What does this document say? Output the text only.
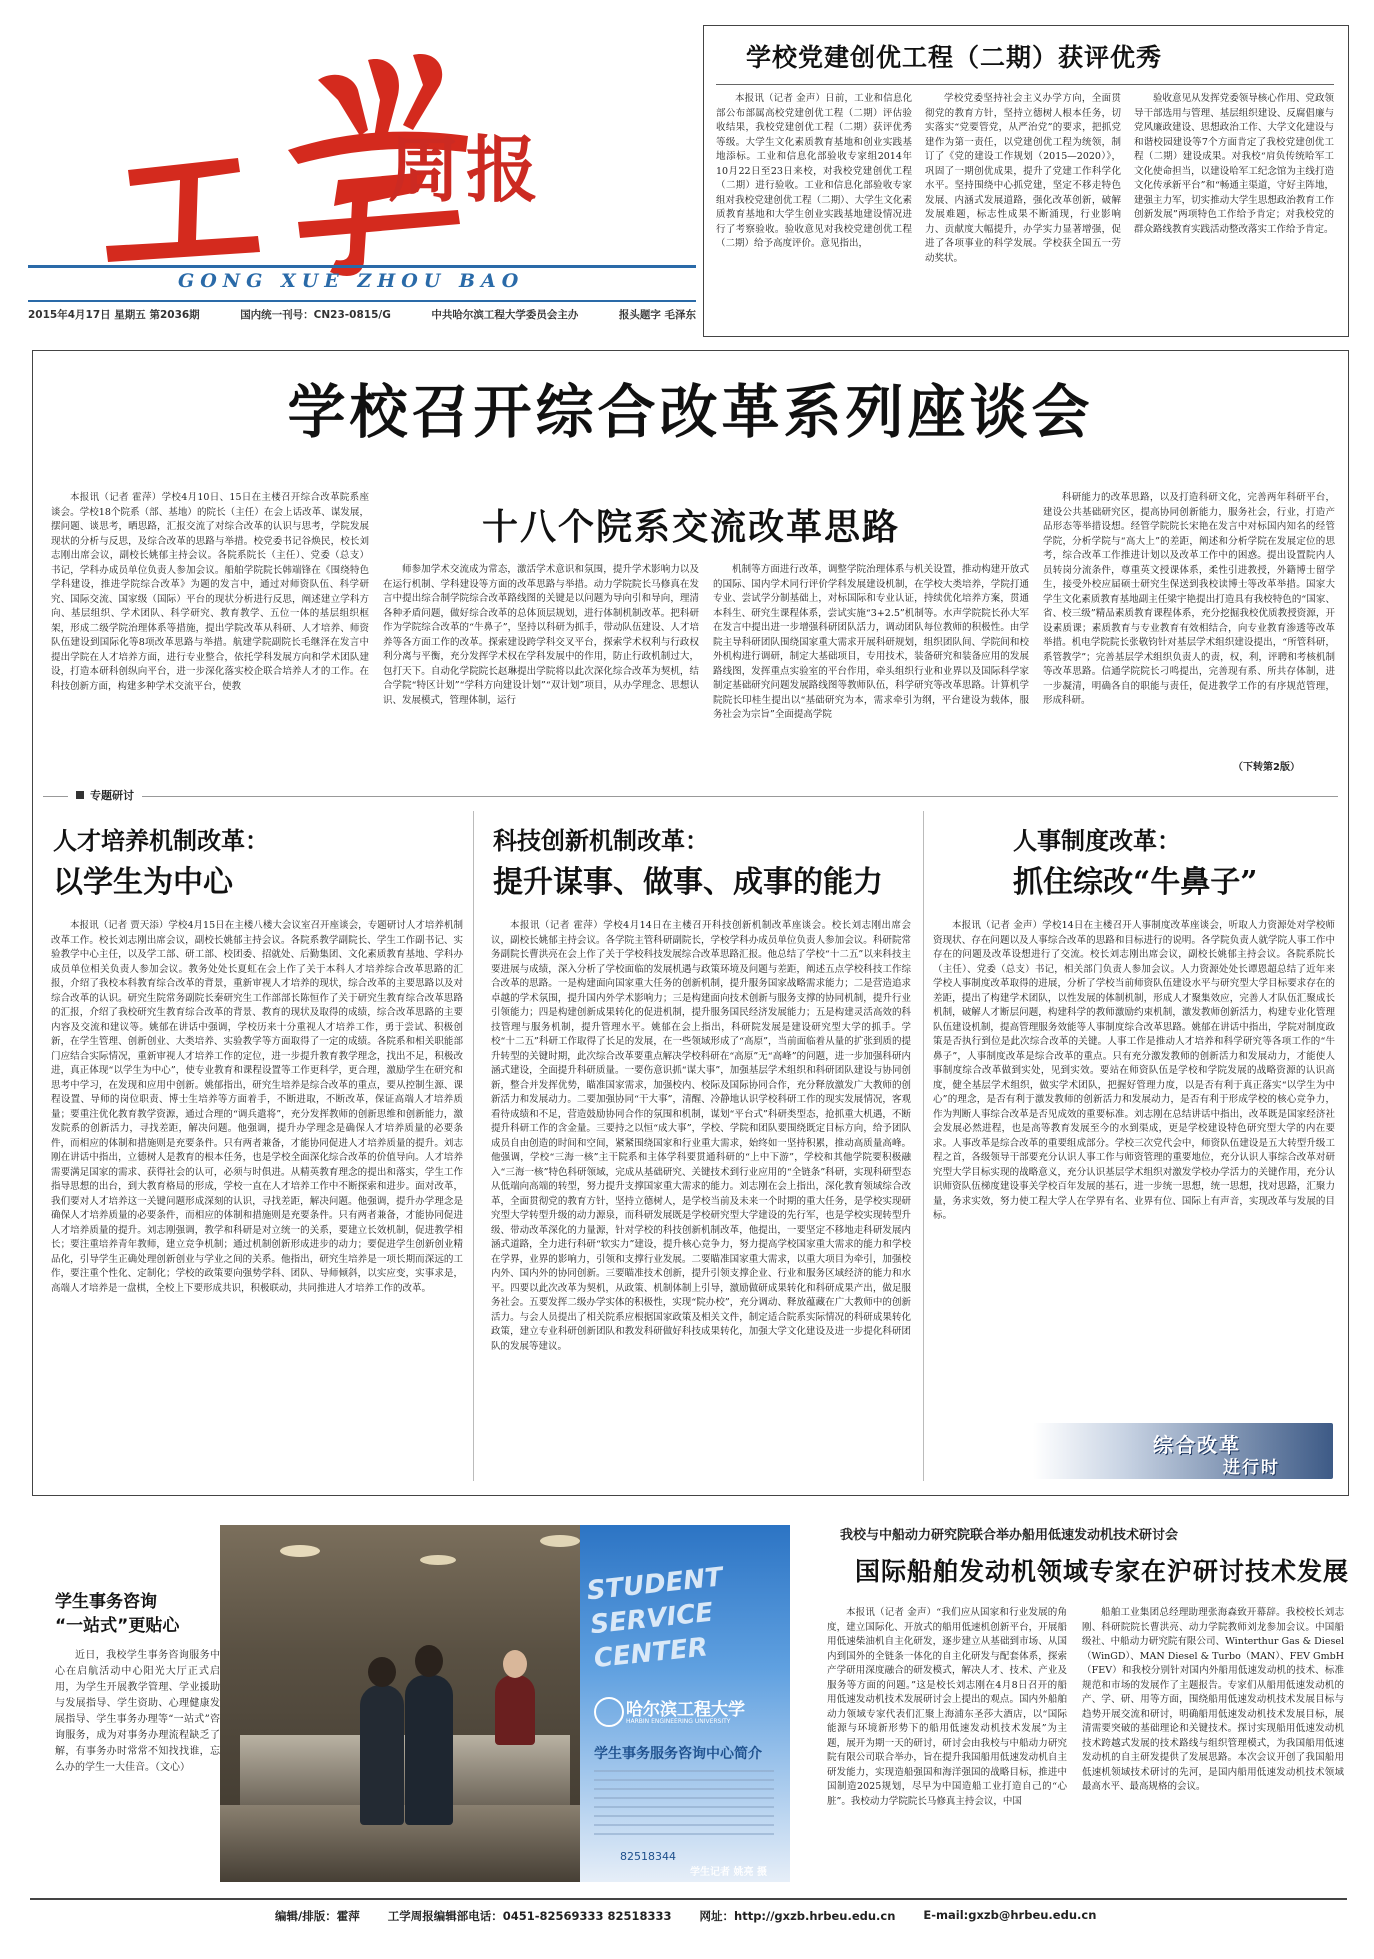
周报
GONG XUE ZHOU BAO
2015年4月17日 星期五 第2036期	国内统一刊号：CN23-0815/G	中共哈尔滨工程大学委员会主办	报头题字 毛泽东
学校党建创优工程（二期）获评优秀
本报讯（记者 金声）日前，工业和信息化部公布部属高校党建创优工程（二期）评估验收结果，我校党建创优工程（二期）获评优秀等级。大学生文化素质教育基地和创业实践基地添标。工业和信息化部验收专家组2014年10月22日至23日来校，对我校党建创优工程（二期）进行验收。工业和信息化部验收专家组对我校党建创优工程（二期）、大学生文化素质教育基地和大学生创业实践基地建设情况进行了考察验收。验收意见对我校党建创优工程（二期）给予高度评价。意见指出，
学校党委坚持社会主义办学方向，全面贯彻党的教育方针，坚持立德树人根本任务，切实落实“党要管党，从严治党”的要求，把抓党建作为第一责任，以党建创优工程为统领，制订了《党的建设工作规划（2015—2020）》，巩固了一期创优成果，提升了党建工作科学化水平。坚持围绕中心抓党建，坚定不移走特色发展、内涵式发展道路，强化改革创新，破解发展难题，标志性成果不断涌现，行业影响力、贡献度大幅提升，办学实力显著增强，促进了各项事业的科学发展。学校获全国五一劳动奖状。
验收意见从发挥党委领导核心作用、党政领导干部选用与管理、基层组织建设、反腐倡廉与党风廉政建设、思想政治工作、大学文化建设与和谐校园建设等7个方面肯定了我校党建创优工程（二期）建设成果。对我校“肩负传统哈军工文化使命担当，以建设哈军工纪念馆为主线打造文化传承新平台”和“畅通主渠道，守好主阵地，建强主力军，切实推动大学生思想政治教育工作创新发展”两项特色工作给予肯定；对我校党的群众路线教育实践活动整改落实工作给予肯定。
学校召开综合改革系列座谈会
十八个院系交流改革思路
本报讯（记者 霍萍）学校4月10日、15日在主楼召开综合改革院系座谈会。学校18个院系（部、基地）的院长（主任）在会上话改革、谋发展，摆问题、谈思考，晒思路，汇报交流了对综合改革的认识与思考，学院发展现状的分析与反思，及综合改革的思路与举措。校党委书记谷焕民，校长刘志刚出席会议，副校长姚郁主持会议。各院系院长（主任）、党委（总支）书记，学科办成员单位负责人参加会议。船舶学院院长韩端锋在《围绕特色学科建设，推进学院综合改革》为题的发言中，通过对师资队伍、科学研究、国际交流、国家级（国际）平台的现状分析进行反思，阐述建立学科方向、基层组织、学术团队、科学研究、教育教学、五位一体的基层组织框架，形成二级学院治理体系等措施，提出学院改革从科研、人才培养、师资队伍建设到国际化等8项改革思路与举措。航建学院副院长毛继泽在发言中提出学院在人才培养方面，进行专业整合，依托学科发展方向和学术团队建设，打造本研科创纵向平台，进一步深化落实校企联合培养人才的工作。在科技创新方面，构建多种学术交流平台，使教
师参加学术交流成为常态，激活学术意识和氛围，提升学术影响力以及在运行机制、学科建设等方面的改革思路与举措。动力学院院长马修真在发言中提出综合制学院综合改革路线图的关键是以问题为导向引和导向，理清各种矛盾问题，做好综合改革的总体顶层规划，进行体制机制改革。把科研作为学院综合改革的“牛鼻子”，坚持以科研为抓手，带动队伍建设、人才培养等各方面工作的改革。探索建设跨学科交叉平台，探索学术权利与行政权利分离与平衡，充分发挥学术权在学科发展中的作用，防止行政机制过大，包打天下。自动化学院院长赵琳提出学院将以此次深化综合改革为契机，结合学院“特区计划”“学科方向建设计划”“双计划”项目，从办学理念、思想认识、发展模式，管理体制，运行
机制等方面进行改革，调整学院治理体系与机关设置，推动构建开放式的国际、国内学术同行评价学科发展建设机制，在学校大类培养，学院打通专业、尝试学分制基础上，对标国际和专业认证，持续优化培养方案，贯通本科生、研究生课程体系，尝试实施“3+2.5”机制等。水声学院院长孙大军在发言中提出进一步增强科研团队活力，调动团队每位教师的积极性。由学院主导科研团队围绕国家重大需求开展科研规划，组织团队间、学院间和校外机构进行调研，制定大基础项目，专用技术，装备研究和装备应用的发展路线图，发挥重点实验室的平台作用，牵头组织行业和业界以及国际科学家制定基础研究问题发展路线图等教师队伍，科学研究等改革思路。计算机学院院长印桂生提出以“基础研究为本，需求牵引为纲，平台建设为载体，服务社会为宗旨”全面提高学院
科研能力的改革思路，以及打造科研文化，完善两年科研平台，建设公共基础研究区，提高协同创新能力，服务社会，行业，打造产品形态等举措设想。经管学院院长宋艳在发言中对标国内知名的经管学院，分析学院与“高大上”的差距，阐述和分析学院在发展定位的思考，综合改革工作推进计划以及改革工作中的困惑。提出设置院内人员转岗分流条件，尊重英文授课体系，柔性引进教授，外籍博士留学生，接受外校应届硕士研究生保送到我校读博士等改革举措。国家大学生文化素质教育基地副主任梁宇艳提出打造具有我校特色的“国家、省、校三级”精品素质教育课程体系，充分挖掘我校优质教授资源，开设素质课；素质教育与专业教育有效相结合，向专业教育渗透等改革举措。机电学院院长张敬钧针对基层学术组织建设提出，“所管科研，系管教学”；完善基层学术组织负责人的责，权，利，评聘和考核机制等改革思路。信通学院院长刁鸣提出，完善现有系、所共存体制，进一步凝清，明确各自的职能与责任，促进教学工作的有序规范管理，形成科研。
（下转第2版）
专题研讨
人才培养机制改革：
以学生为中心
本报讯（记者 贾天添）学校4月15日在主楼八楼大会议室召开座谈会，专题研讨人才培养机制改革工作。校长刘志刚出席会议，副校长姚郁主持会议。各院系教学副院长、学生工作副书记、实验教学中心主任，以及学工部、研工部、校团委、招就处、后勤集团、文化素质教育基地、学科办成员单位相关负责人参加会议。教务处处长夏虹在会上作了关于本科人才培养综合改革思路的汇报，介绍了我校本科教育综合改革的背景，重新审视人才培养的现状，综合改革的主要思路以及对综合改革的认识。研究生院常务副院长秦研究生工作部部长陈恒作了关于研究生教育综合改革思路的汇报，介绍了我校研究生教育综合改革的背景、教育的现状及取得的成绩，综合改革思路的主要内容及交流和建议等。姚郁在讲话中强调，学校历来十分重视人才培养工作，勇于尝试、积极创新，在学生管理、创新创业、大类培养、实验教学等方面取得了一定的成绩。各院系和相关职能部门应结合实际情况，重新审视人才培养工作的定位，进一步提升教育教学理念，找出不足，积极改进，真正体现“以学生为中心”，使专业教育和课程设置等工作更科学，更合理，激励学生在研究和思考中学习，在发现和应用中创新。姚郁指出，研究生培养是综合改革的重点，要从控制生源、课程设置、导师的岗位职责、博士生培养等方面着手，不断进取，不断改革，保证高端人才培养质量；要重注优化教育教学资源，通过合理的“调兵遣将”，充分发挥教师的创新思维和创新能力，激发院系的创新活力，寻找差距，解决问题。他强调，提升办学理念是确保人才培养质量的必要条件，而相应的体制和措施则是充要条件。只有两者兼备，才能协同促进人才培养质量的提升。刘志刚在讲话中指出，立德树人是教育的根本任务，也是学校全面深化综合改革的价值导向。人才培养需要满足国家的需求、获得社会的认可，必须与时俱进。从精英教育理念的提出和落实，学生工作指导思想的出台，到大教育格局的形成，学校一直在人才培养工作中不断探索和进步。面对改革，我们要对人才培养这一关键问题形成深刻的认识，寻找差距，解决问题。他强调，提升办学理念是确保人才培养质量的必要条件，而相应的体制和措施则是充要条件。只有两者兼备，才能协同促进人才培养质量的提升。刘志刚强调，教学和科研是对立统一的关系，要建立长效机制，促进教学相长；要注重培养青年教师，建立竞争机制；通过机制创新形成进步的动力；要促进学生创新创业精品化，引导学生正确处理创新创业与学业之间的关系。他指出，研究生培养是一项长期而深远的工作，要注重个性化、定制化；学校的政策要向强势学科、团队、导师倾斜，以实应变，实事求是，高端人才培养是一盘棋，全校上下要形成共识，积极联动，共同推进人才培养工作的改革。
科技创新机制改革：
提升谋事、做事、成事的能力
本报讯（记者 霍萍）学校4月14日在主楼召开科技创新机制改革座谈会。校长刘志刚出席会议，副校长姚郁主持会议。各学院主管科研副院长，学校学科办成员单位负责人参加会议。科研院常务副院长曹洪亮在会上作了关于学校科技发展综合改革思路汇报。他总结了学校“十二五”以来科技主要进展与成绩，深入分析了学校面临的发展机遇与政策环境及问题与差距，阐述五点学校科技工作综合改革的思路。一是构建面向国家重大任务的创新机制，提升服务国家战略需求能力；二是营造追求卓越的学术氛围，提升国内外学术影响力；三是构建面向技术创新与服务支撑的协同机制，提升行业引领能力；四是构建创新成果转化的促进机制，提升服务国民经济发展能力；五是构建灵活高效的科技管理与服务机制，提升管理水平。姚郁在会上指出，科研院发展是建设研究型大学的抓手。学校“十二五”科研工作取得了长足的发展，在一些领域形成了“高原”，当前面临着从量的扩张到质的提升转型的关键时期，此次综合改革要重点解决学校科研在“高原”无“高峰”的问题，进一步加强科研内涵式建设，全面提升科研质量。一要伤意识抓“谋大事”，加强基层学术组织和科研团队建设与协同创新，整合并发挥优势，瞄准国家需求，加强校内、校际及国际协同合作，充分释放激发广大教师的创新活力和发展动力。二要加强协同“干大事”，清醒、冷静地认识学校科研工作的现实发展情况，客观看待成绩和不足，营造鼓励协同合作的氛围和机制，谋划“平台式”科研类型态，抢抓重大机遇，不断提升科研工作的含金量。三要持之以恒“成大事”，学校、学院和团队要围绕既定目标方向，给予团队成员自由创造的时间和空间，紧紧围绕国家和行业重大需求，始终如一坚持积累，推动高质量高峰。他强调，学校“三海一核”主干院系和主体学科要贯通科研的“上中下游”，学校和其他学院要积极融入“三海一核”特色科研领域，完成从基础研究、关键技术到行业应用的“全链条”科研，实现科研型态从低端向高端的转型，努力提升支撑国家重大需求的能力。刘志刚在会上指出，深化教育领域综合改革，全面贯彻党的教育方针，坚持立德树人，是学校当前及未来一个时期的重大任务，是学校实现研究型大学转型升级的动力源泉，而科研发展既是学校研究型大学建设的先行军，也是学校实现转型升级、带动改革深化的力量源，针对学校的科技创新机制改革，他提出，一要坚定不移地走科研发展内涵式道路，全力进行科研“软实力”建设，提升核心竞争力，努力提高学校国家重大需求的能力和学校在学界，业界的影响力，引领和支撑行业发展。二要瞄准国家重大需求，以重大项目为牵引，加强校内外、国内外的协同创新。三要瞄准技术创新，提升引领支撑企业、行业和服务区域经济的能力和水平。四要以此次改革为契机，从政策、机制体制上引导，激励做研成果转化和科研成果产出，做足服务社会。五要发挥二级办学实体的积极性，实现“院办校”，充分调动、释放蕴藏在广大教师中的创新活力。与会人员提出了相关院系应根据国家政策及相关文件，制定适合院系实际情况的科研成果转化政策，建立专业科研创新团队和教发科研做好科技成果转化，加强大学文化建设及进一步提化科研团队的发展等建议。
人事制度改革：
抓住综改“牛鼻子”
本报讯（记者 金声）学校14日在主楼召开人事制度改革座谈会，听取人力资源处对学校师资现状、存在问题以及人事综合改革的思路和目标进行的说明。各学院负责人就学院人事工作中存在的问题及改革设想进行了交流。校长刘志刚出席会议，副校长姚郁主持会议。各院系院长（主任）、党委（总支）书记，相关部门负责人参加会议。人力资源处处长谭恩超总结了近年来学校人事制度改革取得的进展，分析了学校当前师资队伍建设水平与研究型大学目标要求存在的差距，提出了构建学术团队，以性发展的体制机制，形成人才聚集效应，完善人才队伍汇聚成长机制，破解人才断层问题，构建科学的教师激励约束机制，激发教师创新活力，构建专业化管理队伍建设机制，提高管理服务效能等人事制度综合改革思路。姚郁在讲话中指出，学院对制度政策是否执行到位是此次综合改革的关键。人事工作是推动人才培养和科学研究等各项工作的“牛鼻子”，人事制度改革是综合改革的重点。只有充分激发教师的创新活力和发展动力，才能使人事制度综合改革做到实处，见到实效。要站在师资队伍是学校和学院发展的战略资源的认识高度，健全基层学术组织，做实学术团队，把握好管理力度，以是否有利于真正落实“以学生为中心”的理念，是否有利于激发教师的创新活力和发展动力，是否有利于形成学校的核心竞争力，作为判断人事综合改革是否见成效的重要标准。刘志刚在总结讲话中指出，改革既是国家经济社会发展必然进程，也是高等教育发展至今的水到渠成，更是学校建设特色研究型大学的内在要求。人事改革是综合改革的重要组成部分。学校三次党代会中，师资队伍建设是五大转型升级工程之首，各级领导干部要充分认识人事工作与师资管理的重要地位，充分认识人事综合改革对研究型大学目标实现的战略意义，充分认识基层学术组织对激发学校办学活力的关键作用，充分认识师资队伍梯度建设事关学校百年发展的基石，进一步统一思想，统一思想，找对思路，汇聚力量，务求实效，努力使工程大学人在学界有名、业界有位、国际上有声音，实现改革与发展的目标。
综合改革
进行时
学生事务咨询
“一站式”更贴心
近日，我校学生事务咨询服务中心在启航活动中心阳光大厅正式启用，为学生开展教学管理、学业援助与发展指导、学生资助、心理健康发展指导、学生事务办理等“一站式”咨询服务，成为对事务办理流程缺乏了解，有事务办时常常不知找找谁，忘么办的学生一大佳音。（文心）
STUDENT SERVICE CENTER
哈尔滨工程大学
HARBIN ENGINEERING UNIVERSITY
学生事务服务咨询中心简介
82518344
学生记者 姚亮 摄
我校与中船动力研究院联合举办船用低速发动机技术研讨会
国际船舶发动机领域专家在沪研讨技术发展
本报讯（记者 金声）“我们应从国家和行业发展的角度，建立国际化、开放式的船用低速机创新平台，开展船用低速柴油机自主化研发，逐步建立从基础到市场、从国内到国外的全链条一体化的自主化研发与配套体系，探索产学研用深度融合的研发模式，解决人才、技术、产业及服务等方面的问题。”这是校长刘志刚在4月8日召开的船用低速发动机技术发展研讨会上提出的观点。国内外船舶动力领域专家代表们汇聚上海浦东圣莎大酒店，以“国际能源与环境新形势下的船用低速发动机技术发展”为主题，展开为期一天的研讨，研讨会由我校与中船动力研究院有限公司联合举办，旨在提升我国船用低速发动机自主研发能力，实现造船强国和海洋强国的战略目标，推进中国制造2025规划，尽早为中国造船工业打造自己的“心脏”。我校动力学院院长马修真主持会议，中国
船舶工业集团总经理助理张海森致开幕辞。我校校长刘志刚、科研院院长曹洪亮、动力学院教师刘龙参加会议。中国船级社、中船动力研究院有限公司、Winterthur Gas & Diesel（WinGD）、MAN Diesel & Turbo（MAN）、FEV GmbH（FEV）和我校分别针对国内外船用低速发动机的技术、标准规范和市场的发展作了主题报告。专家们从船用低速发动机的产、学、研、用等方面，围绕船用低速发动机技术发展目标与趋势开展交流和研讨，明确船用低速发动机技术发展目标，展清需要突破的基础理论和关键技术。探讨实现船用低速发动机技术跨越式发展的技术路线与组织管理模式，为我国船用低速发动机的自主研发提供了发展思路。本次会议开创了我国船用低速机领域技术研讨的先河，是国内船用低速发动机技术领域最高水平、最高规格的会议。
编辑/排版：霍萍 工学周报编辑部电话：0451-82569333 82518333 网址：http://gxzb.hrbeu.edu.cn E-mail:gxzb@hrbeu.edu.cn
